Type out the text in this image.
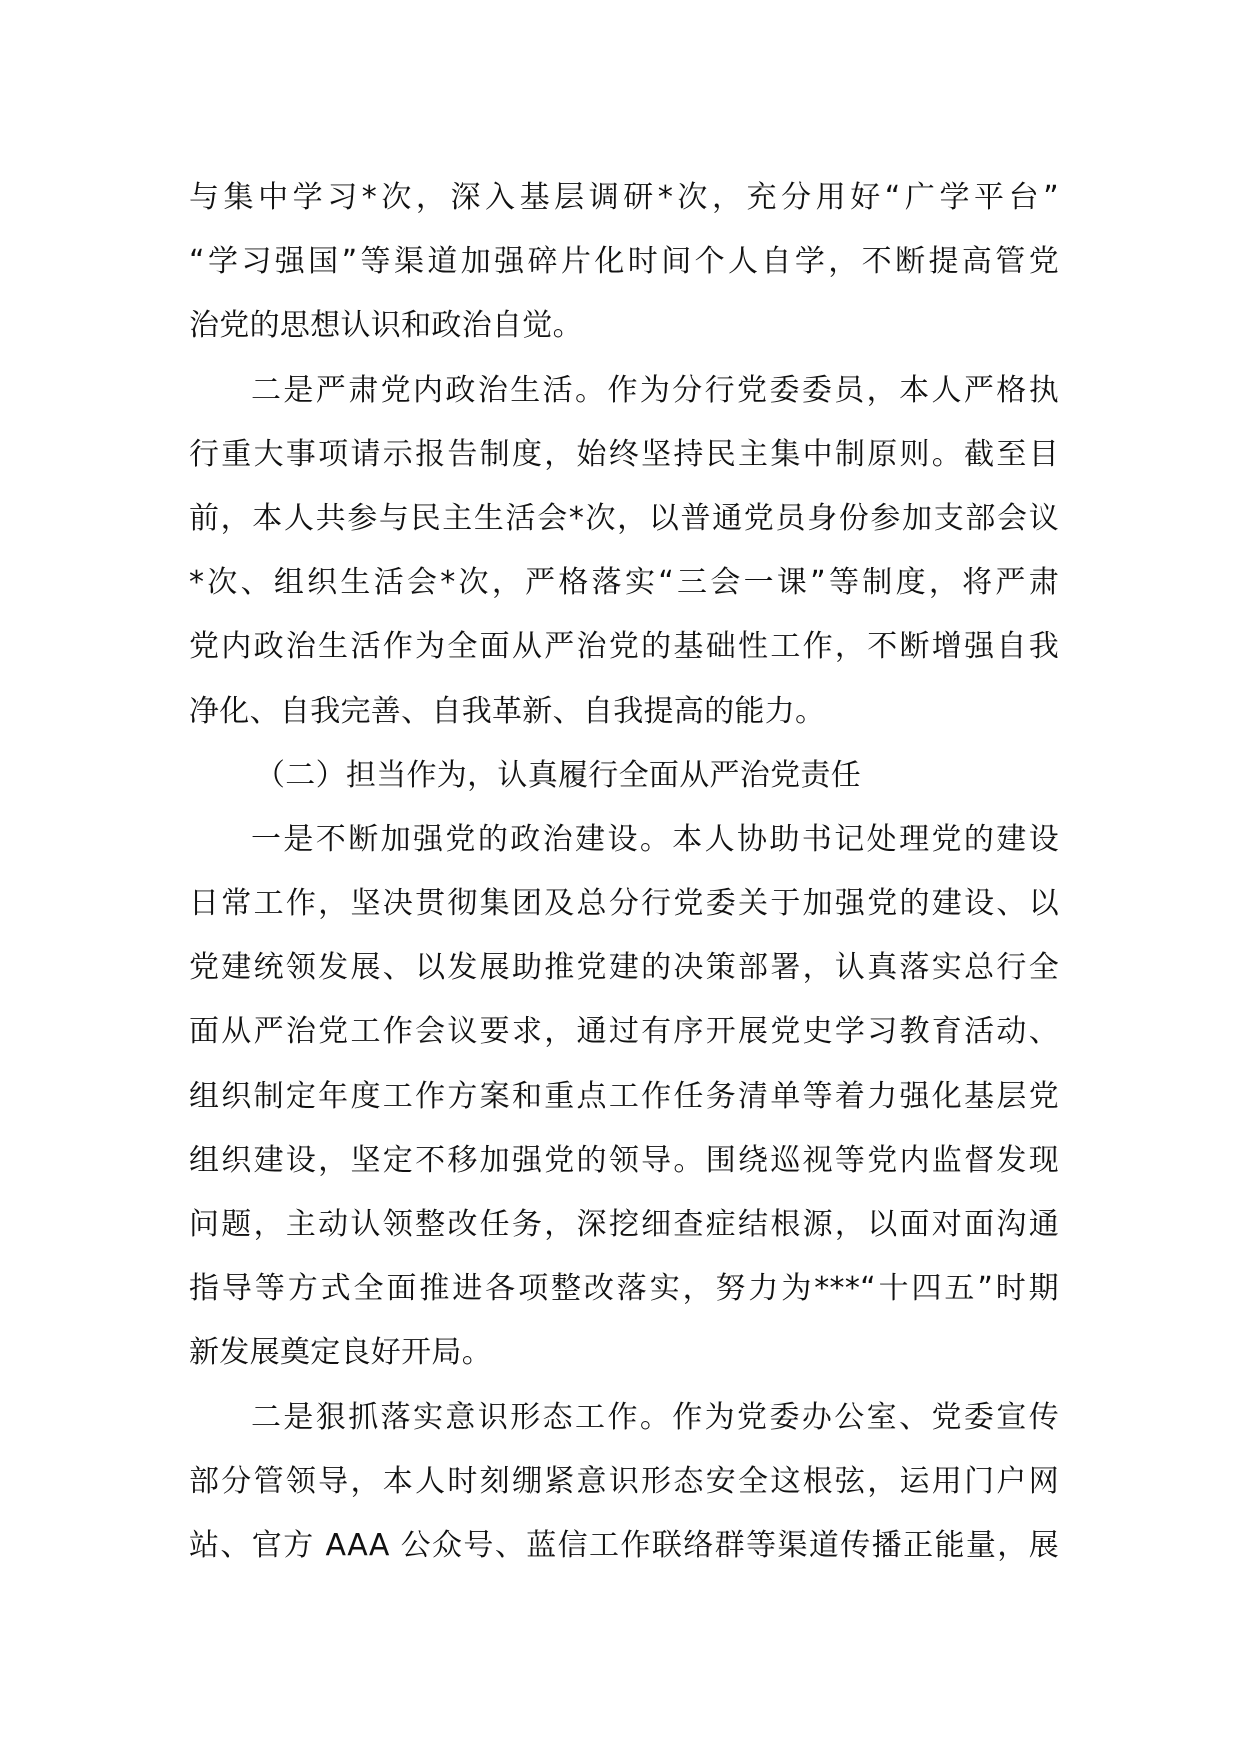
与集中学习*次，深入基层调研*次，充分用好“广学平台”
“学习强国”等渠道加强碎片化时间个人自学，不断提高管党
治党的思想认识和政治自觉。
二是严肃党内政治生活。作为分行党委委员，本人严格执
行重大事项请示报告制度，始终坚持民主集中制原则。截至目
前，本人共参与民主生活会*次，以普通党员身份参加支部会议
*次、组织生活会*次，严格落实“三会一课”等制度，将严肃
党内政治生活作为全面从严治党的基础性工作，不断增强自我
净化、自我完善、自我革新、自我提高的能力。
（二）担当作为，认真履行全面从严治党责任
一是不断加强党的政治建设。本人协助书记处理党的建设
日常工作，坚决贯彻集团及总分行党委关于加强党的建设、以
党建统领发展、以发展助推党建的决策部署，认真落实总行全
面从严治党工作会议要求，通过有序开展党史学习教育活动、
组织制定年度工作方案和重点工作任务清单等着力强化基层党
组织建设，坚定不移加强党的领导。围绕巡视等党内监督发现
问题，主动认领整改任务，深挖细查症结根源，以面对面沟通
指导等方式全面推进各项整改落实，努力为***“十四五”时期
新发展奠定良好开局。
二是狠抓落实意识形态工作。作为党委办公室、党委宣传
部分管领导，本人时刻绷紧意识形态安全这根弦，运用门户网
站、官方 AAA 公众号、蓝信工作联络群等渠道传播正能量，展
